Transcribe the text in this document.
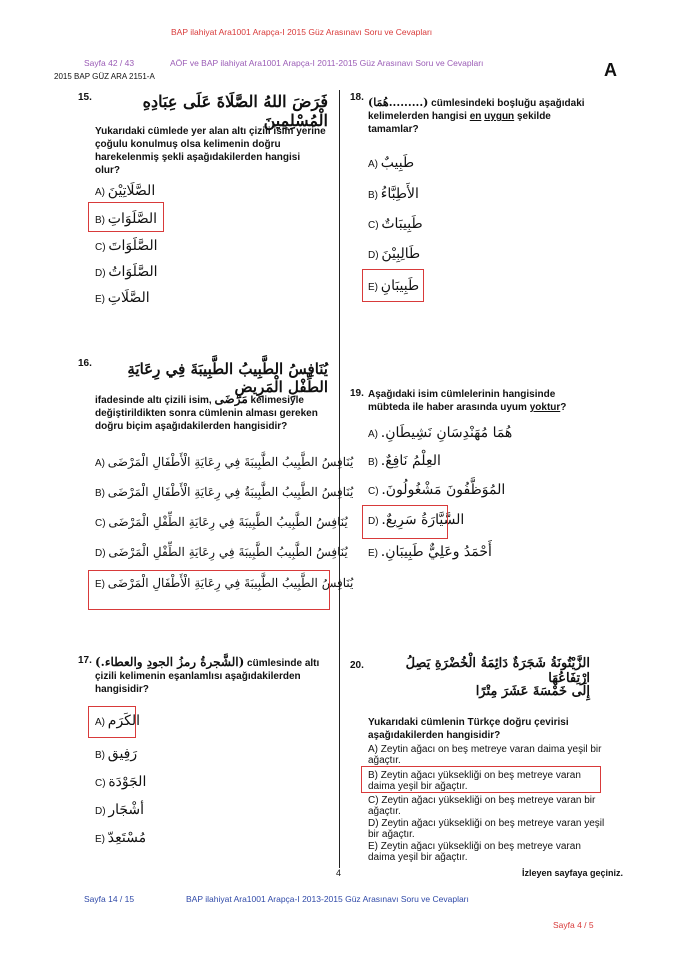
BAP ilahiyat Ara1001 Arapça-I 2015 Güz Arasınavı Soru ve Cevapları
Sayfa 42 / 43	AÖF ve BAP ilahiyat Ara1001 Arapça-I 2011-2015 Güz Arasınavı Soru ve Cevapları
2015 BAP GÜZ ARA 2151-A	A
15.	فَرَضَ اللهُ الصَّلَاةَ عَلَى عِبَادِهِ الْمُسْلِمِينَ
Yukarıdaki cümlede yer alan altı çizili isim yerine çoğulu konulmuş olsa kelimenin doğru harekelenmiş şekli aşağıdakilerden hangisi olur?
A) الصَّلَاتِيْنَ
B) الصَّلَوَاتِ
C) الصَّلَوَاتَ
D) الصَّلَوَاتُ
E) الصَّلَاتِ
16.	يُنَافِسُ الطَّبِيبُ الطَّبِيبَةَ فِي رِعَايَةِ الطِّفْلِ الْمَرِيضِ
ifadesinde altı çizili isim, مَرْضَى kelimesiyle değiştirildikten sonra cümlenin alması gereken doğru biçim aşağıdakilerden hangisidir?
A) يُنَافِسُ الطَّبِيبُ الطَّبِيبَةَ فِي رِعَايَةِ الْأَطْفَالِ الْمَرْضَى
B) يُنَافِسُ الطَّبِيبُ الطَّبِيبَةُ فِي رِعَايَةِ الْأَطْفَالِ الْمَرْضَى
C) يُنَافِسُ الطَّبِيبُ الطَّبِيبَةَ فِي رِعَايَةِ الطِّفْلِ الْمَرْضَى
D) يُنَافِسُ الطَّبِيبُ الطَّبِيبَةَ فِي رِعَايَةِ الطِّفْلِ الْمَرْضَى
E) يُنَافِسُ الطَّبِيبُ الطَّبِيبَةَ فِي رِعَايَةِ الْأَطْفَالِ الْمَرْضَى
17. (الشَّجرةُ رمزُ الجودِ والعطاء.) cümlesinde altı çizili kelimenin eşanlamlısı aşağıdakilerden hangisidir?
A) الكَرَم
B) رَفِيق
C) الجَوْدَة
D) أشْجَار
E) مُسْتَعِدّ
18. (.........هُمَا) cümlesindeki boşluğu aşağıdaki kelimelerden hangisi en uygun şekilde tamamlar?
A) طَبِيبٌ
B) الأَطِبَّاءُ
C) طَبِيبَاتٌ
D) طَالِبِيْنَ
E) طَبِيبَانِ
19. Aşağıdaki isim cümlelerinin hangisinde mübteda ile haber arasında uyum yoktur?
A) هُمَا مُهَنْدِسَانِ نَشِيطَانِ.
B) العِلْمُ نَافِعٌ.
C) المُوَظَّفُونَ مَشْغُولُونَ.
D) السَّيَّارَةُ سَرِيعٌ.
E) أَحْمَدُ وعَلِيٌّ طَبِيبَانِ.
20.	الزَّيْتُونَةُ شَجَرَةٌ دَائِمَةُ الْخُضْرَةِ يَصِلُ ارْتِفَاعُهَا
إِلَى خَمْسَةَ عَشَرَ مِتْرًا
Yukarıdaki cümlenin Türkçe doğru çevirisi aşağıdakilerden hangisidir?
A) Zeytin ağacı on beş metreye varan daima yeşil bir ağaçtır.
B) Zeytin ağacı yüksekliği on beş metreye varan daima yeşil bir ağaçtır.
C) Zeytin ağacı yüksekliği on beş metreye varan bir ağaçtır.
D) Zeytin ağacı yüksekliği on beş metreye varan yeşil bir ağaçtır.
E) Zeytin ağacı yüksekliği on beş metreye varan daima yeşil bir ağaçtır.
4	İzleyen sayfaya geçiniz.
Sayfa 14 / 15	BAP ilahiyat Ara1001 Arapça-I 2013-2015 Güz Arasınavı Soru ve Cevapları
Sayfa 4 / 5
